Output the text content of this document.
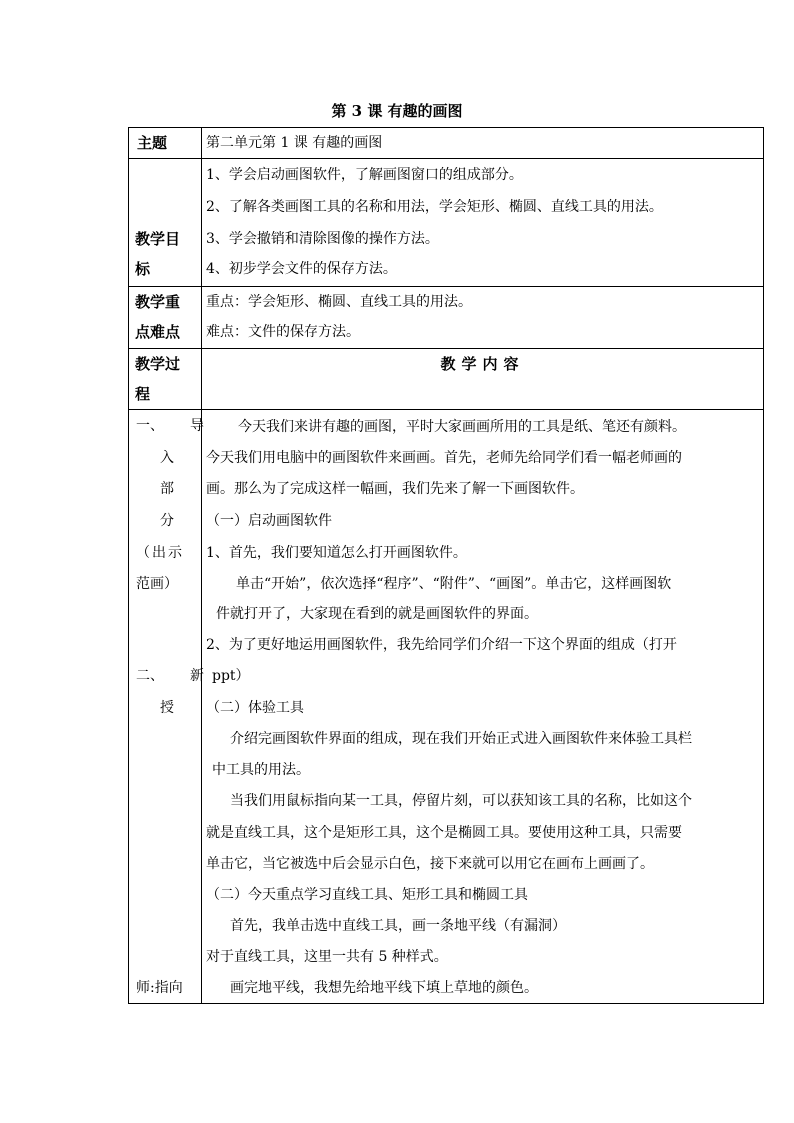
第 3 课 有趣的画图
主题	第二单元第 1 课 有趣的画图
教学目
标
1、学会启动画图软件，了解画图窗口的组成部分。
2、了解各类画图工具的名称和用法，学会矩形、椭圆、直线工具的用法。
3、学会撤销和清除图像的操作方法。
4、初步学会文件的保存方法。
教学重
点难点
重点：学会矩形、椭圆、直线工具的用法。
难点：文件的保存方法。
教学过
程
教学内容
一、 导
入
部
分
（出示
范画）
二、 新
授
师:指向
今天我们来讲有趣的画图，平时大家画画所用的工具是纸、笔还有颜料。
今天我们用电脑中的画图软件来画画。首先，老师先给同学们看一幅老师画的
画。那么为了完成这样一幅画，我们先来了解一下画图软件。
（一）启动画图软件
1、首先，我们要知道怎么打开画图软件。
单击“开始”，依次选择“程序”、“附件”、“画图”。单击它，这样画图软
件就打开了，大家现在看到的就是画图软件的界面。
2、为了更好地运用画图软件，我先给同学们介绍一下这个界面的组成（打开
ppt）
（二）体验工具
介绍完画图软件界面的组成，现在我们开始正式进入画图软件来体验工具栏
中工具的用法。
当我们用鼠标指向某一工具，停留片刻，可以获知该工具的名称，比如这个
就是直线工具，这个是矩形工具，这个是椭圆工具。要使用这种工具，只需要
单击它，当它被选中后会显示白色，接下来就可以用它在画布上画画了。
（二）今天重点学习直线工具、矩形工具和椭圆工具
首先，我单击选中直线工具，画一条地平线（有漏洞）
对于直线工具，这里一共有 5 种样式。
画完地平线，我想先给地平线下填上草地的颜色。
